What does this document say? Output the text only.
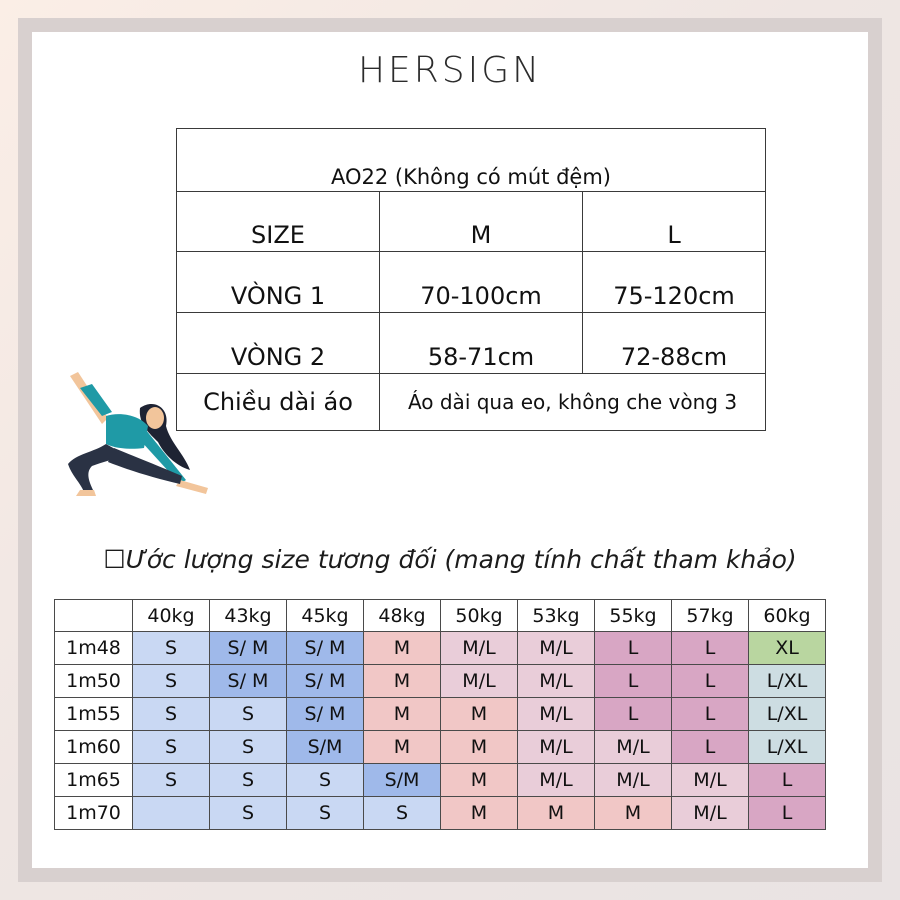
HERSIGN
AO22 (Không có mút đệm)		
SIZE	M	L
VÒNG 1	70-100cm	75-120cm
VÒNG 2	58-71cm	72-88cm
Chiều dài áo	Áo dài qua eo, không che vòng 3	
☐Ước lượng size tương đối (mang tính chất tham khảo)
	40kg	43kg	45kg	48kg	50kg	53kg	55kg	57kg	60kg
1m48	S	S/ M	S/ M	M	M/L	M/L	L	L	XL
1m50	S	S/ M	S/ M	M	M/L	M/L	L	L	L/XL
1m55	S	S	S/ M	M	M	M/L	L	L	L/XL
1m60	S	S	S/M	M	M	M/L	M/L	L	L/XL
1m65	S	S	S	S/M	M	M/L	M/L	M/L	L
1m70		S	S	S	M	M	M	M/L	L
